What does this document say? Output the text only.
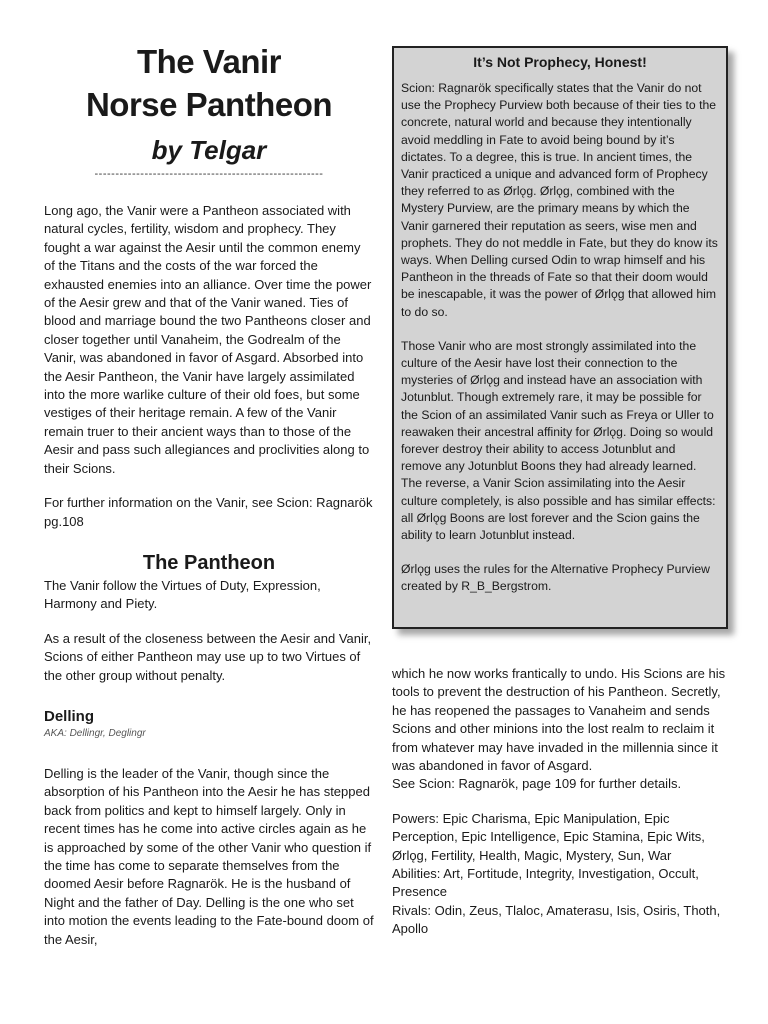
The Vanir
Norse Pantheon
by Telgar
-------------------------------------------------------

Long ago, the Vanir were a Pantheon associated with natural cycles, fertility, wisdom and prophecy. They fought a war against the Aesir until the common enemy of the Titans and the costs of the war forced the exhausted enemies into an alliance. Over time the power of the Aesir grew and that of the Vanir waned. Ties of blood and marriage bound the two Pantheons closer and closer together until Vanaheim, the Godrealm of the Vanir, was abandoned in favor of Asgard. Absorbed into the Aesir Pantheon, the Vanir have largely assimilated into the more warlike culture of their old foes, but some vestiges of their heritage remain. A few of the Vanir remain truer to their ancient ways than to those of the Aesir and pass such allegiances and proclivities along to their Scions.

For further information on the Vanir, see Scion: Ragnarök pg.108

The Pantheon

The Vanir follow the Virtues of Duty, Expression, Harmony and Piety.

As a result of the closeness between the Aesir and Vanir, Scions of either Pantheon may use up to two Virtues of the other group without penalty.

Delling
AKA: Dellingr, Deglingr

Delling is the leader of the Vanir, though since the absorption of his Pantheon into the Aesir he has stepped back from politics and kept to himself largely. Only in recent times has he come into active circles again as he is approached by some of the other Vanir who question if the time has come to separate themselves from the doomed Aesir before Ragnarök. He is the husband of Night and the father of Day. Delling is the one who set into motion the events leading to the Fate-bound doom of the Aesir,

It’s Not Prophecy, Honest!

Scion: Ragnarök specifically states that the Vanir do not use the Prophecy Purview both because of their ties to the concrete, natural world and because they intentionally avoid meddling in Fate to avoid being bound by it’s dictates. To a degree, this is true. In ancient times, the Vanir practiced a unique and advanced form of Prophecy they referred to as Ørlǫg. Ørlǫg, combined with the Mystery Purview, are the primary means by which the Vanir garnered their reputation as seers, wise men and prophets. They do not meddle in Fate, but they do know its ways. When Delling cursed Odin to wrap himself and his Pantheon in the threads of Fate so that their doom would be inescapable, it was the power of Ørlǫg that allowed him to do so.

Those Vanir who are most strongly assimilated into the culture of the Aesir have lost their connection to the mysteries of Ørlǫg and instead have an association with Jotunblut. Though extremely rare, it may be possible for the Scion of an assimilated Vanir such as Freya or Uller to reawaken their ancestral affinity for Ørlǫg. Doing so would forever destroy their ability to access Jotunblut and remove any Jotunblut Boons they had already learned. The reverse, a Vanir Scion assimilating into the Aesir culture completely, is also possible and has similar effects: all Ørlǫg Boons are lost forever and the Scion gains the ability to learn Jotunblut instead.

Ørlǫg uses the rules for the Alternative Prophecy Purview created by R_B_Bergstrom.

which he now works frantically to undo. His Scions are his tools to prevent the destruction of his Pantheon. Secretly, he has reopened the passages to Vanaheim and sends Scions and other minions into the lost realm to reclaim it from whatever may have invaded in the millennia since it was abandoned in favor of Asgard.

See Scion: Ragnarök, page 109 for further details.

Powers: Epic Charisma, Epic Manipulation, Epic Perception, Epic Intelligence, Epic Stamina, Epic Wits, Ørlǫg, Fertility, Health, Magic, Mystery, Sun, War

Abilities: Art, Fortitude, Integrity, Investigation, Occult, Presence

Rivals: Odin, Zeus, Tlaloc, Amaterasu, Isis, Osiris, Thoth, Apollo
